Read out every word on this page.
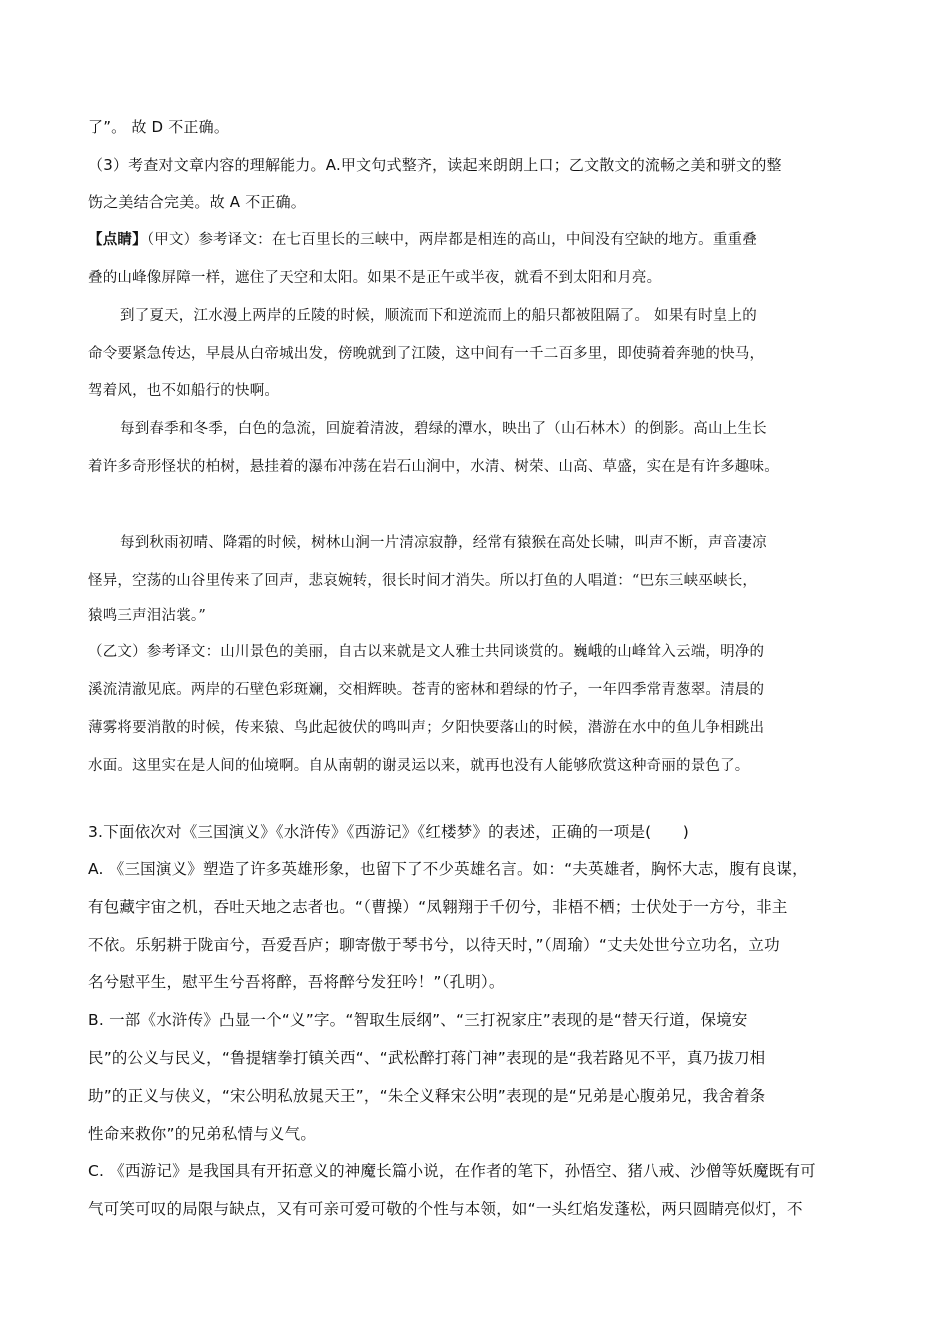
了”。 故 D 不正确。
（3）考查对文章内容的理解能力。A.甲文句式整齐，读起来朗朗上口；乙文散文的流畅之美和骈文的整
饬之美结合完美。故 A 不正确。
【点睛】（甲文）参考译文：在七百里长的三峡中，两岸都是相连的高山，中间没有空缺的地方。重重叠
叠的山峰像屏障一样，遮住了天空和太阳。如果不是正午或半夜，就看不到太阳和月亮。
到了夏天，江水漫上两岸的丘陵的时候，顺流而下和逆流而上的船只都被阻隔了。 如果有时皇上的
命令要紧急传达，早晨从白帝城出发，傍晚就到了江陵，这中间有一千二百多里，即使骑着奔驰的快马，
驾着风，也不如船行的快啊。
每到春季和冬季，白色的急流，回旋着清波，碧绿的潭水，映出了（山石林木）的倒影。高山上生长
着许多奇形怪状的柏树，悬挂着的瀑布冲荡在岩石山涧中，水清、树荣、山高、草盛，实在是有许多趣味。
每到秋雨初晴、降霜的时候，树林山涧一片清凉寂静，经常有猿猴在高处长啸，叫声不断，声音凄凉
怪异，空荡的山谷里传来了回声，悲哀婉转，很长时间才消失。所以打鱼的人唱道：“巴东三峡巫峡长，
猿鸣三声泪沾裳。”
（乙文）参考译文：山川景色的美丽，自古以来就是文人雅士共同谈赏的。巍峨的山峰耸入云端，明净的
溪流清澈见底。两岸的石壁色彩斑斓，交相辉映。苍青的密林和碧绿的竹子，一年四季常青葱翠。清晨的
薄雾将要消散的时候，传来猿、鸟此起彼伏的鸣叫声；夕阳快要落山的时候，潜游在水中的鱼儿争相跳出
水面。这里实在是人间的仙境啊。自从南朝的谢灵运以来，就再也没有人能够欣赏这种奇丽的景色了。
3.下面依次对《三国演义》《水浒传》《西游记》《红楼梦》的表述，正确的一项是(　　)
A. 《三国演义》塑造了许多英雄形象，也留下了不少英雄名言。如：“夫英雄者，胸怀大志，腹有良谋，
有包藏宇宙之机，吞吐天地之志者也。“（曹操）“凤翱翔于千仞兮，非梧不栖；士伏处于一方兮，非主
不依。乐躬耕于陇亩兮，吾爱吾庐；聊寄傲于琴书兮，以待天时，”（周瑜）“丈夫处世兮立功名，立功
名兮慰平生，慰平生兮吾将醉，吾将醉兮发狂吟！”（孔明）。
B. 一部《水浒传》凸显一个“义”字。“智取生辰纲”、“三打祝家庄”表现的是“替天行道，保境安
民”的公义与民义，“鲁提辖拳打镇关西“、“武松醉打蒋门神”表现的是“我若路见不平，真乃拔刀相
助”的正义与侠义，“宋公明私放晁天王”，“朱仝义释宋公明”表现的是“兄弟是心腹弟兄，我舍着条
性命来救你”的兄弟私情与义气。
C. 《西游记》是我国具有开拓意义的神魔长篇小说，在作者的笔下，孙悟空、猪八戒、沙僧等妖魔既有可
气可笑可叹的局限与缺点，又有可亲可爱可敬的个性与本领，如“一头红焰发蓬松，两只圆睛亮似灯，不
